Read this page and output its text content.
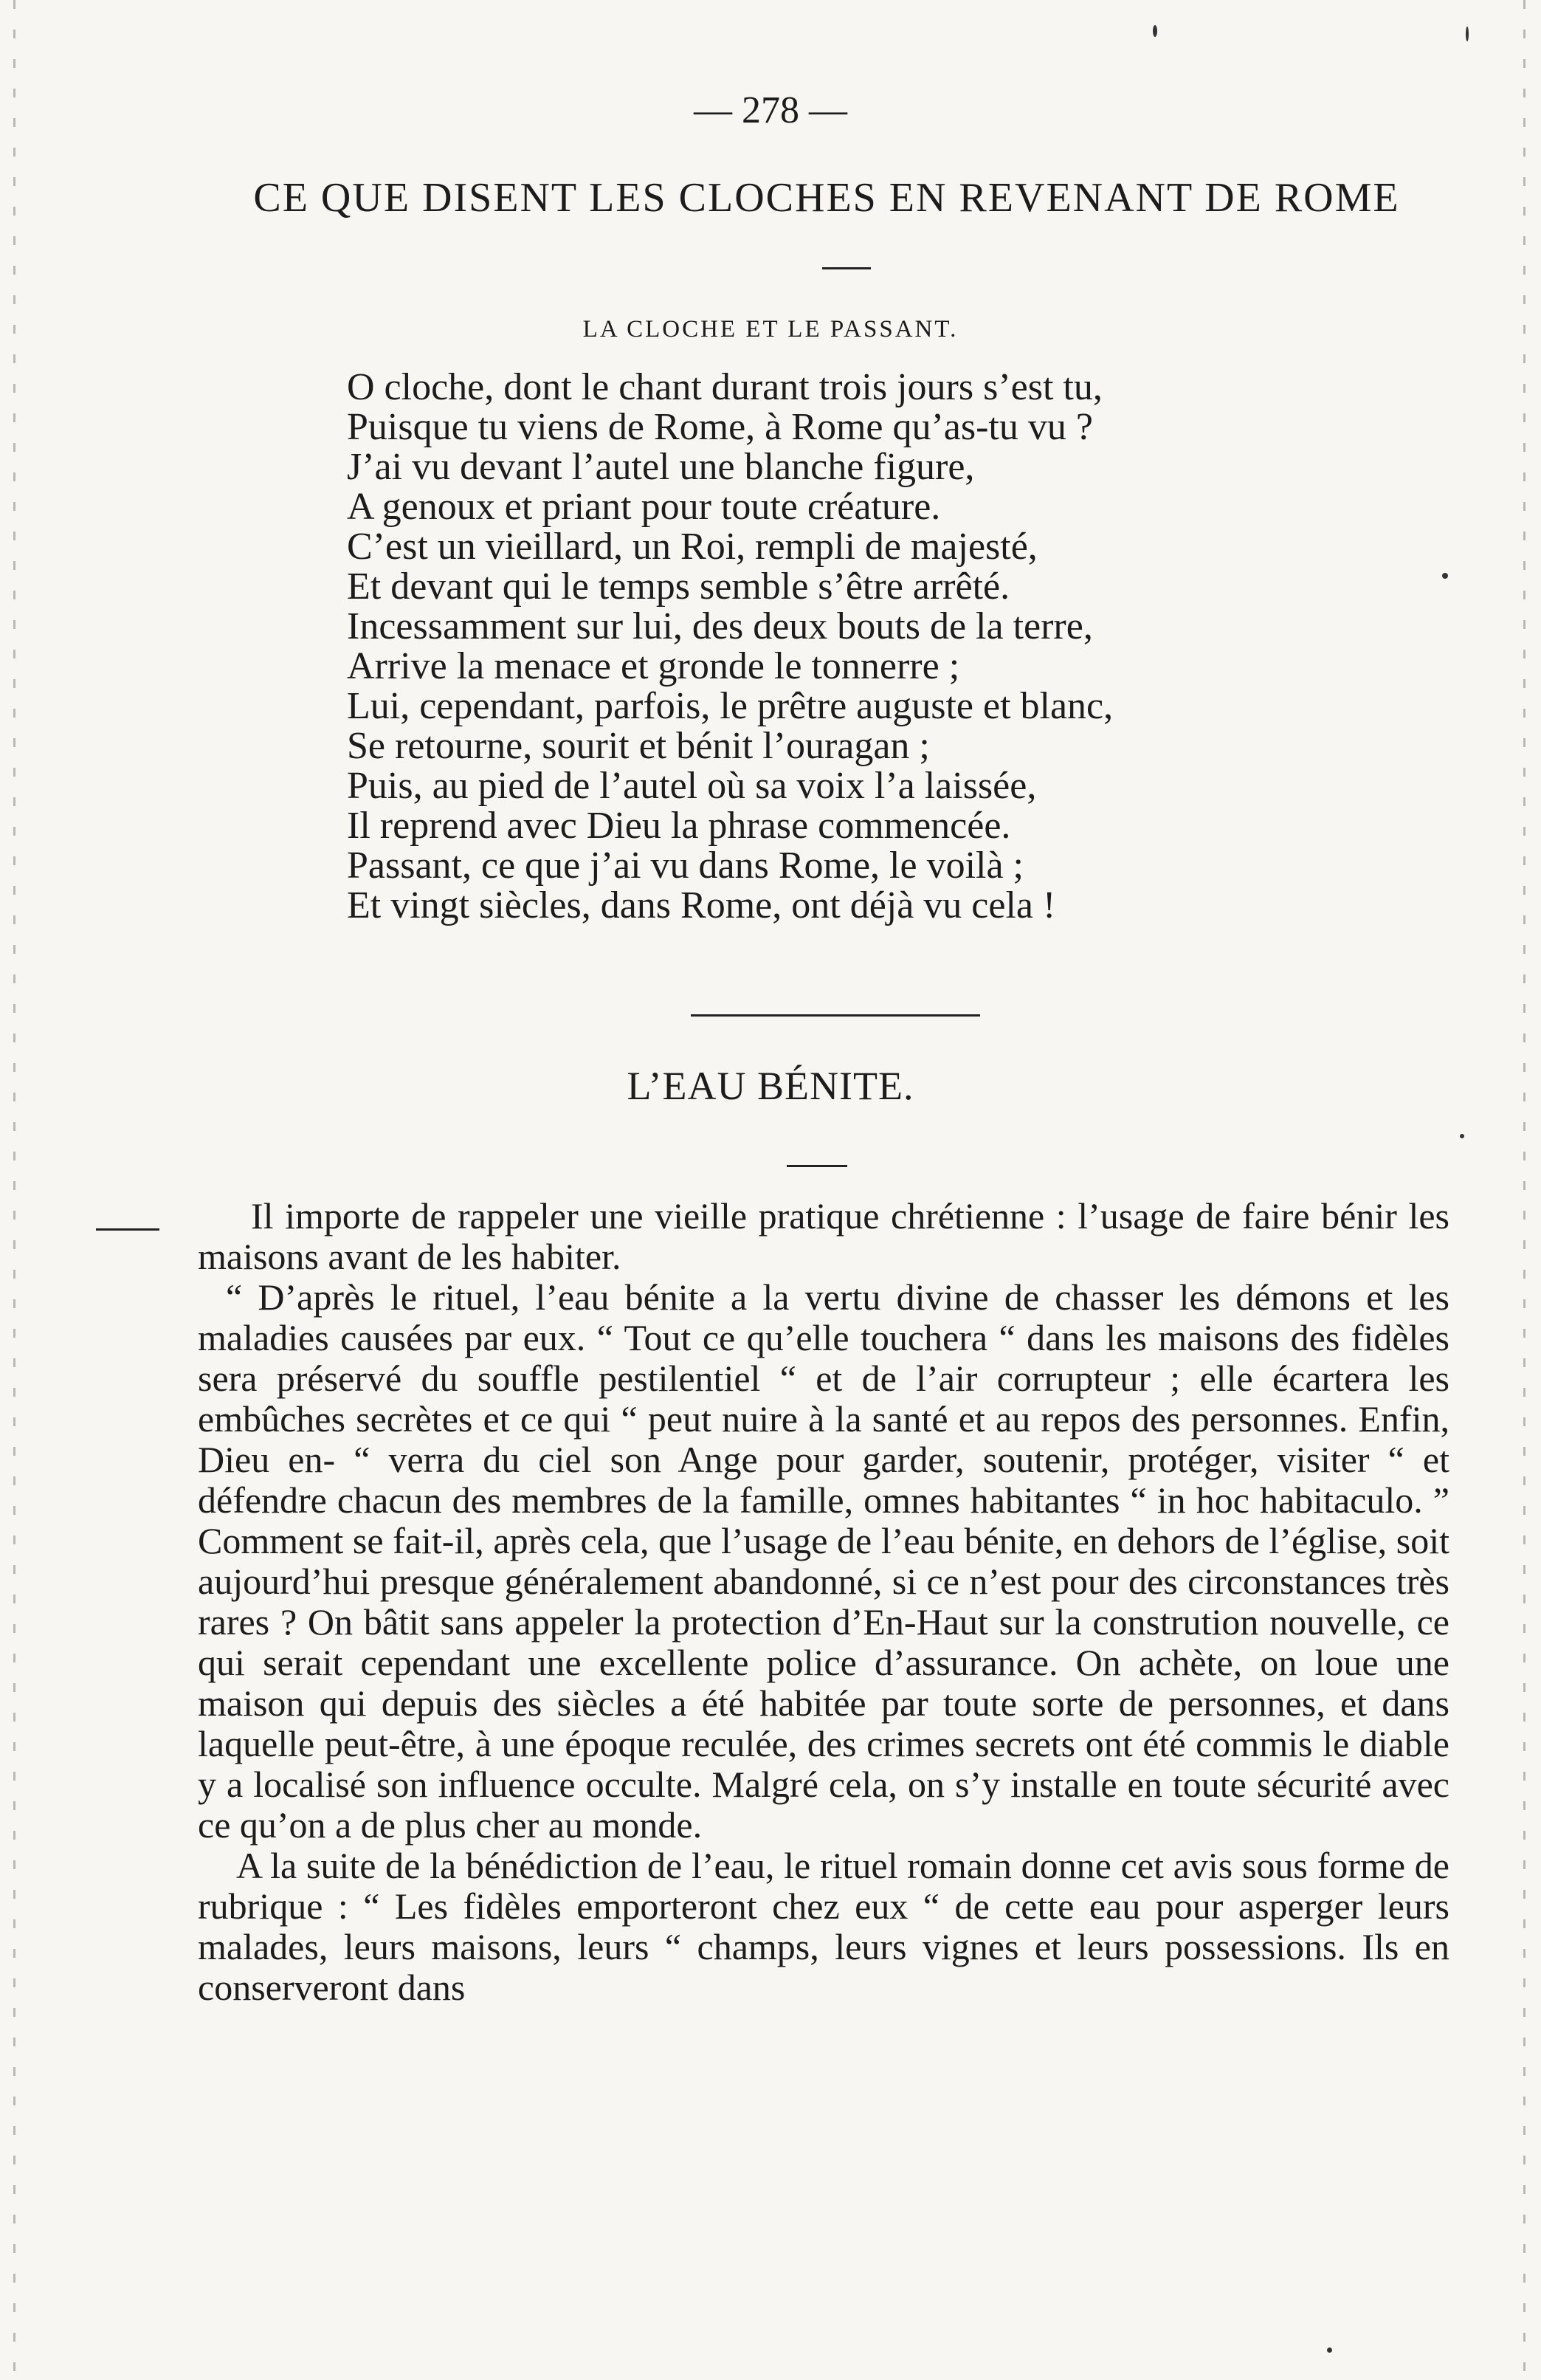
— 278 —
CE QUE DISENT LES CLOCHES EN REVENANT DE ROME
LA CLOCHE ET LE PASSANT.
O cloche, dont le chant durant trois jours s’est tu,
Puisque tu viens de Rome, à Rome qu’as-tu vu ?
J’ai vu devant l’autel une blanche figure,
A genoux et priant pour toute créature.
C’est un vieillard, un Roi, rempli de majesté,
Et devant qui le temps semble s’être arrêté.
Incessamment sur lui, des deux bouts de la terre,
Arrive la menace et gronde le tonnerre ;
Lui, cependant, parfois, le prêtre auguste et blanc,
Se retourne, sourit et bénit l’ouragan ;
Puis, au pied de l’autel où sa voix l’a laissée,
Il reprend avec Dieu la phrase commencée.
Passant, ce que j’ai vu dans Rome, le voilà ;
Et vingt siècles, dans Rome, ont déjà vu cela !
L’EAU BÉNITE.

Il importe de rappeler une vieille pratique chrétienne : l’usage de faire bénir les maisons avant de les habiter.

“ D’après le rituel, l’eau bénite a la vertu divine de chasser les démons et les maladies causées par eux. “ Tout ce qu’elle touchera “ dans les maisons des fidèles sera préservé du souffle pestilentiel “ et de l’air corrupteur ; elle écartera les embûches secrètes et ce qui “ peut nuire à la santé et au repos des personnes. Enfin, Dieu en- “ verra du ciel son Ange pour garder, soutenir, protéger, visiter “ et défendre chacun des membres de la famille, omnes habitantes “ in hoc habitaculo. ” Comment se fait-il, après cela, que l’usage de l’eau bénite, en dehors de l’église, soit aujourd’hui presque généralement abandonné, si ce n’est pour des circonstances très rares ? On bâtit sans appeler la protection d’En-Haut sur la constrution nouvelle, ce qui serait cependant une excellente police d’assurance. On achète, on loue une maison qui depuis des siècles a été habitée par toute sorte de personnes, et dans laquelle peut-être, à une époque reculée, des crimes secrets ont été commis le diable y a localisé son influence occulte. Malgré cela, on s’y installe en toute sécurité avec ce qu’on a de plus cher au monde.

A la suite de la bénédiction de l’eau, le rituel romain donne cet avis sous forme de rubrique : “ Les fidèles emporteront chez eux “ de cette eau pour asperger leurs malades, leurs maisons, leurs “ champs, leurs vignes et leurs possessions. Ils en conserveront dans
